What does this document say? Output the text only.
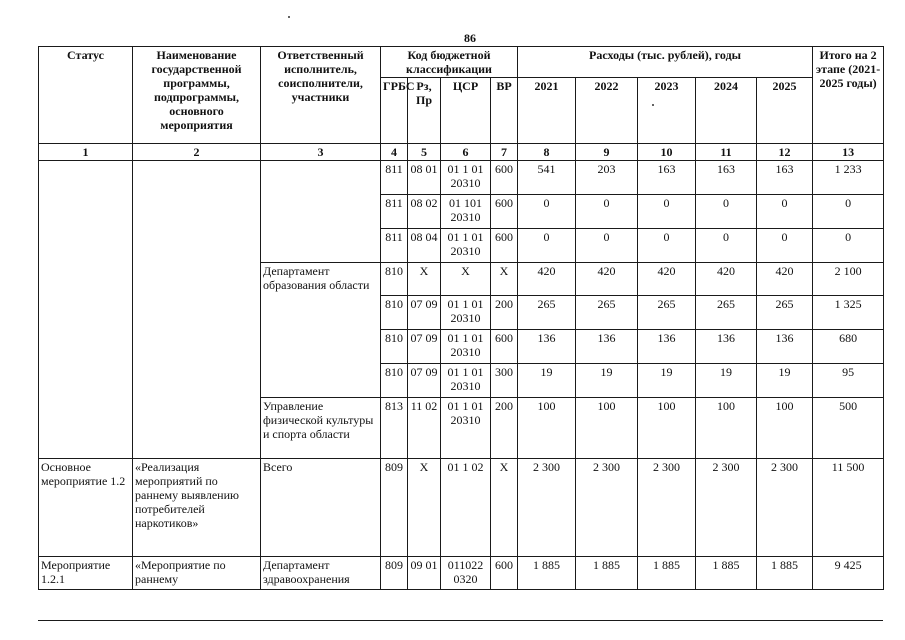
86
Статус	Наименование государственной программы, подпрограммы, основного мероприятия	Ответственный исполнитель, соисполнители, участники	Код бюджетной классификации				Расходы (тыс. рублей), годы					Итого на 2 этапе (2021-2025 годы)
			ГРБС	Рз, Пр	ЦСР	ВР	2021	2022	2023	2024	2025	
1	2	3	4	5	6	7	8	9	10	11	12	13
			811	08 01	01 1 01 20310	600	541	203	163	163	163	1 233
			811	08 02	01 101 20310	600	0	0	0	0	0	0
			811	08 04	01 1 01 20310	600	0	0	0	0	0	0
		Департамент образования области	810	Х	Х	Х	420	420	420	420	420	2 100
			810	07 09	01 1 01 20310	200	265	265	265	265	265	1 325
			810	07 09	01 1 01 20310	600	136	136	136	136	136	680
			810	07 09	01 1 01 20310	300	19	19	19	19	19	95
		Управление физической культуры и спорта области	813	11 02	01 1 01 20310	200	100	100	100	100	100	500
Основное мероприятие 1.2	«Реализация мероприятий по раннему выявлению потребителей наркотиков»	Всего	809	Х	01 1 02	Х	2 300	2 300	2 300	2 300	2 300	11 500
Мероприятие 1.2.1	«Мероприятие по раннему	Департамент здравоохранения	809	09 01	011022 0320	600	1 885	1 885	1 885	1 885	1 885	9 425
